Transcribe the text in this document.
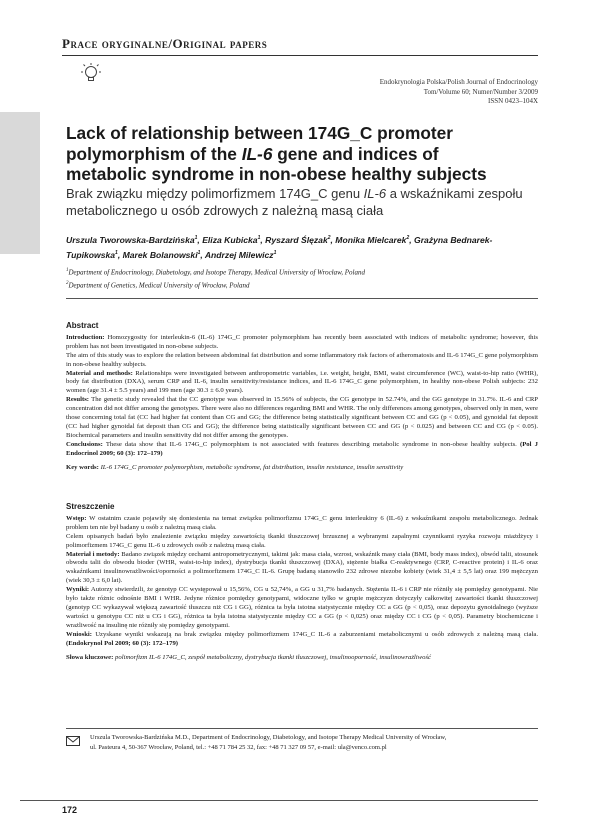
Prace oryginalne/Original papers
Endokrynologia Polska/Polish Journal of Endocrinology
Tom/Volume 60; Numer/Number 3/2009
ISSN 0423–104X
Lack of relationship between 174G_C promoter polymorphism of the IL-6 gene and indices of metabolic syndrome in non-obese healthy subjects
Brak związku między polimorfizmem 174G_C genu IL-6 a wskaźnikami zespołu metabolicznego u osób zdrowych z należną masą ciała
Urszula Tworowska-Bardzińska$^1$, Eliza Kubicka$^1$, Ryszard Ślęzak$^2$, Monika Mielcarek$^2$, Grażyna Bednarek-Tupikowska$^1$, Marek Bolanowski$^1$, Andrzej Milewicz$^1$
$^1$Department of Endocrinology, Diabetology, and Isotope Therapy, Medical University of Wrocław, Poland
$^2$Department of Genetics, Medical University of Wrocław, Poland
Abstract

Introduction: Homozygosity for interleukin-6 (IL-6) 174G_C promoter polymorphism has recently been associated with indices of metabolic syndrome; however, this problem has not been investigated in non-obese subjects.

The aim of this study was to explore the relation between abdominal fat distribution and some inflammatory risk factors of atheromatosis and IL-6 174G_C gene polymorphism in non-obese healthy subjects.

Material and methods: Relationships were investigated between anthropometric variables, i.e. weight, height, BMI, waist circumference (WC), waist-to-hip ratio (WHR), body fat distribution (DXA), serum CRP and IL-6, insulin sensitivity/resistance indices, and IL-6 174G_C gene polymorphism, in healthy non-obese Polish subjects: 232 women (age 31.4 ± 5.5 years) and 199 men (age 30.3 ± 6.0 years).

Results: The genetic study revealed that the CC genotype was observed in 15.56% of subjects, the CG genotype in 52.74%, and the GG genotype in 31.7%. IL-6 and CRP concentration did not differ among the genotypes. There were also no differences regarding BMI and WHR. The only differences among genotypes, observed only in men, were those concerning total fat (CC had higher fat content than CG and GG; the difference being statistically significant between CC and GG (p < 0.05), and gynoidal fat deposit (CC had higher gynoidal fat deposit than CG and GG); the difference being statistically significant between CC and GG (p < 0.025) and between CC and CG (p < 0.05). Biochemical parameters and insulin sensitivity did not differ among the genotypes.

Conclusions: These data show that IL-6 174G_C polymorphism is not associated with features describing metabolic syndrome in non-obese healthy subjects. (Pol J Endocrinol 2009; 60 (3): 172–179)

Key words: IL-6 174G_C promoter polymorphism, metabolic syndrome, fat distribution, insulin resistance, insulin sensitivity

Streszczenie

Wstęp: W ostatnim czasie pojawiły się doniesienia na temat związku polimorfizmu 174G_C genu interleukiny 6 (IL-6) z wskaźnikami zespołu metabolicznego. Jednak problem ten nie był badany u osób z należną masą ciała.

Celem opisanych badań było znalezienie związku między zawartością tkanki tłuszczowej brzusznej a wybranymi zapalnymi czynnikami ryzyka rozwoju miażdżycy i polimorfizmem 174G_C genu IL-6 u zdrowych osób z należną masą ciała.

Materiał i metody: Badano związek między cechami antropometrycznymi, takimi jak: masa ciała, wzrost, wskaźnik masy ciała (BMI, body mass index), obwód talii, stosunek obwodu talii do obwodu bioder (WHR, waist-to-hip index), dystrybucja tkanki tłuszczowej (DXA), stężenie białka C-reaktywnego (CRP, C-reactive protein) i IL-6 oraz wskaźnikami insulinowrażliwości/oporności a polimorfizmem 174G_C IL-6. Grupę badaną stanowiło 232 zdrowe niezobe kobiety (wiek 31,4 ± 5,5 lat) oraz 199 mężczyzn (wiek 30,3 ± 6,0 lat).

Wyniki: Autorzy stwierdzili, że genotyp CC występował u 15,56%, CG u 52,74%, a GG u 31,7% badanych. Stężenia IL-6 i CRP nie różniły się pomiędzy genotypami. Nie było także różnic odnośnie BMI i WHR. Jedyne różnice pomiędzy genotypami, widoczne tylko w grupie mężczyzn dotyczyły całkowitej zawartości tkanki tłuszczowej (genotyp CC wykazywał większą zawartość tłuszczu niż CG i GG), różnica ta była istotna statystycznie między CC a GG (p < 0,05), oraz depozytu gynoidalnego (wyższe wartości u genotypu CC niż u CG i GG), różnica ta była istotna statystycznie między CC a GG (p < 0,025) oraz między CC i CG (p < 0,05). Parametry biochemiczne i wrażliwość na insulinę nie różniły się pomiędzy genotypami.

Wnioski: Uzyskane wyniki wskazują na brak związku między polimorfizmem 174G_C IL-6 a zaburzeniami metabolicznymi u osób zdrowych z należną masą ciała. (Endokrynol Pol 2009; 60 (3): 172–179)

Słowa kluczowe: polimorfizm IL-6 174G_C, zespół metaboliczny, dystrybucja tkanki tłuszczowej, insulinooporność, insulinowrażliwość

Urszula Tworowska-Bardzińska M.D., Department of Endocrinology, Diabetology, and Isotope Therapy Medical University of Wrocław,
ul. Pasteura 4, 50-367 Wrocław, Poland, tel.: +48 71 784 25 32, fax: +48 71 327 09 57, e-mail: ula@venco.com.pl
172
